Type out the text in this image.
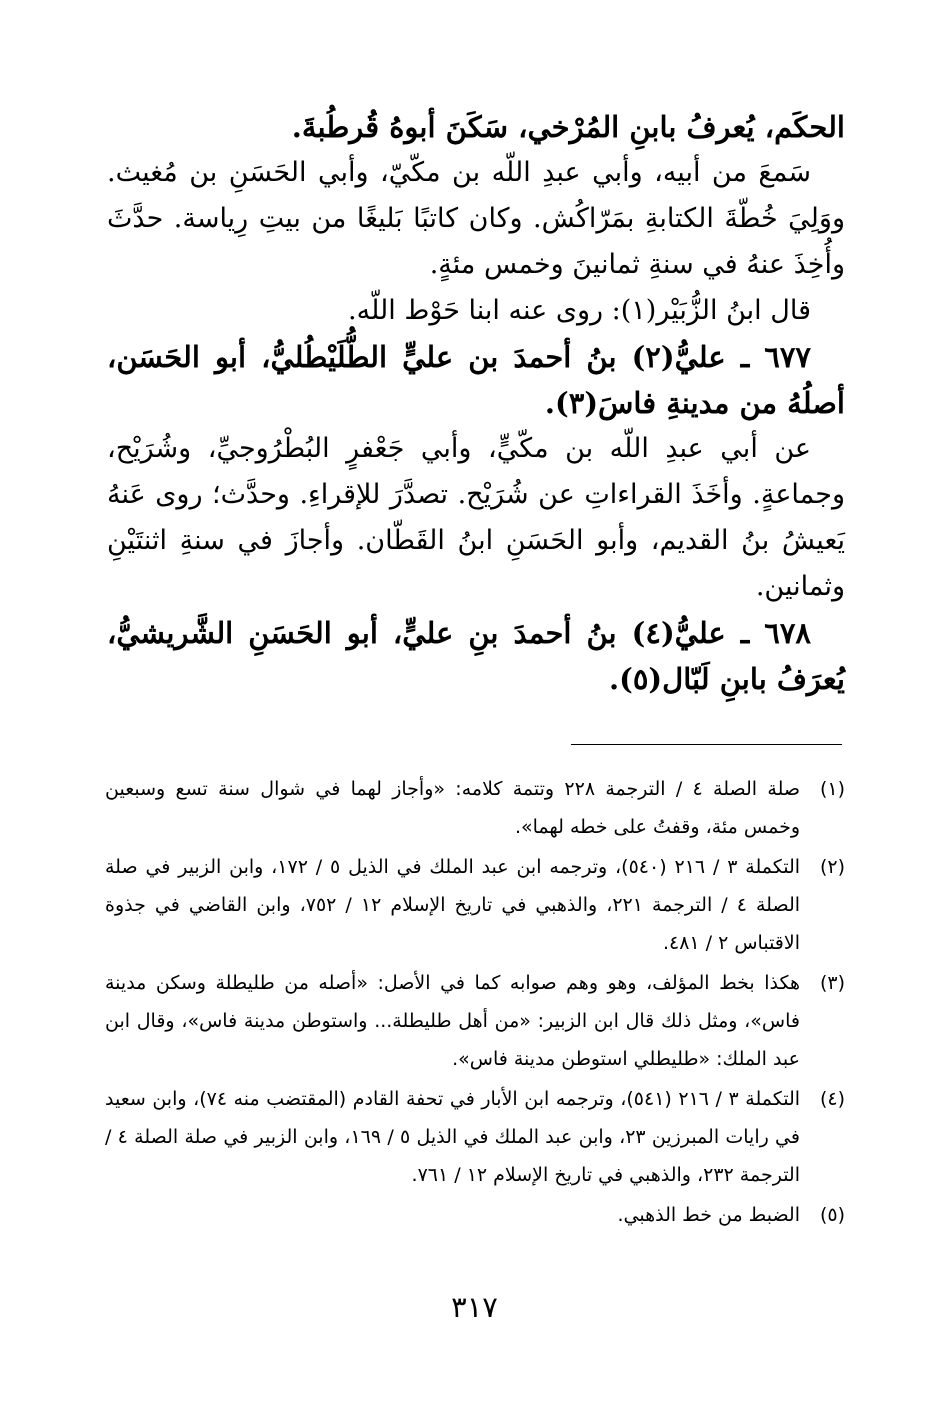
الحكَم، يُعرفُ بابنِ المُرْخي، سَكَنَ أبوهُ قُرطُبةَ.

سَمعَ من أبيه، وأبي عبدِ اللّه بن مكّيّ، وأبي الحَسَنِ بن مُغيث. ووَلِيَ خُطّةَ الكتابةِ بمَرّاكُش. وكان كاتبًا بَليغًا من بيتِ رِياسة. حدَّثَ وأُخِذَ عنهُ في سنةِ ثمانينَ وخمس مئةٍ.

قال ابنُ الزُّبَيْر(١): روى عنه ابنا حَوْط اللّه.

٦٧٧ ـ عليُّ(٢) بنُ أحمدَ بن عليٍّ الطُّلَيْطُليُّ، أبو الحَسَن، أصلُهُ من مدينةِ فاسَ(٣).

عن أبي عبدِ اللّه بن مكّيٍّ، وأبي جَعْفرٍ البُطْرُوجيِّ، وشُرَيْح، وجماعةٍ. وأخَذَ القراءاتِ عن شُرَيْح. تصدَّرَ للإقراءِ. وحدَّث؛ روى عَنهُ يَعيشُ بنُ القديم، وأبو الحَسَنِ ابنُ القَطّان. وأجازَ في سنةِ اثنتَيْنِ وثمانين.

٦٧٨ ـ عليُّ(٤) بنُ أحمدَ بنِ عليٍّ، أبو الحَسَنِ الشَّريشيُّ، يُعرَفُ بابنِ لَبّال(٥).

(١)
صلة الصلة ٤ / الترجمة ٢٢٨ وتتمة كلامه: «وأجاز لهما في شوال سنة تسع وسبعين وخمس مئة، وقفتُ على خطه لهما».
(٢)
التكملة ٣ / ٢١٦ (٥٤٠)، وترجمه ابن عبد الملك في الذيل ٥ / ١٧٢، وابن الزبير في صلة الصلة ٤ / الترجمة ٢٢١، والذهبي في تاريخ الإسلام ١٢ / ٧٥٢، وابن القاضي في جذوة الاقتباس ٢ / ٤٨١.
(٣)
هكذا بخط المؤلف، وهو وهم صوابه كما في الأصل: «أصله من طليطلة وسكن مدينة فاس»، ومثل ذلك قال ابن الزبير: «من أهل طليطلة... واستوطن مدينة فاس»، وقال ابن عبد الملك: «طليطلي استوطن مدينة فاس».
(٤)
التكملة ٣ / ٢١٦ (٥٤١)، وترجمه ابن الأبار في تحفة القادم (المقتضب منه ٧٤)، وابن سعيد في رايات المبرزين ٢٣، وابن عبد الملك في الذيل ٥ / ١٦٩، وابن الزبير في صلة الصلة ٤ / الترجمة ٢٣٢، والذهبي في تاريخ الإسلام ١٢ / ٧٦١.
(٥)
الضبط من خط الذهبي.
٣١٧
